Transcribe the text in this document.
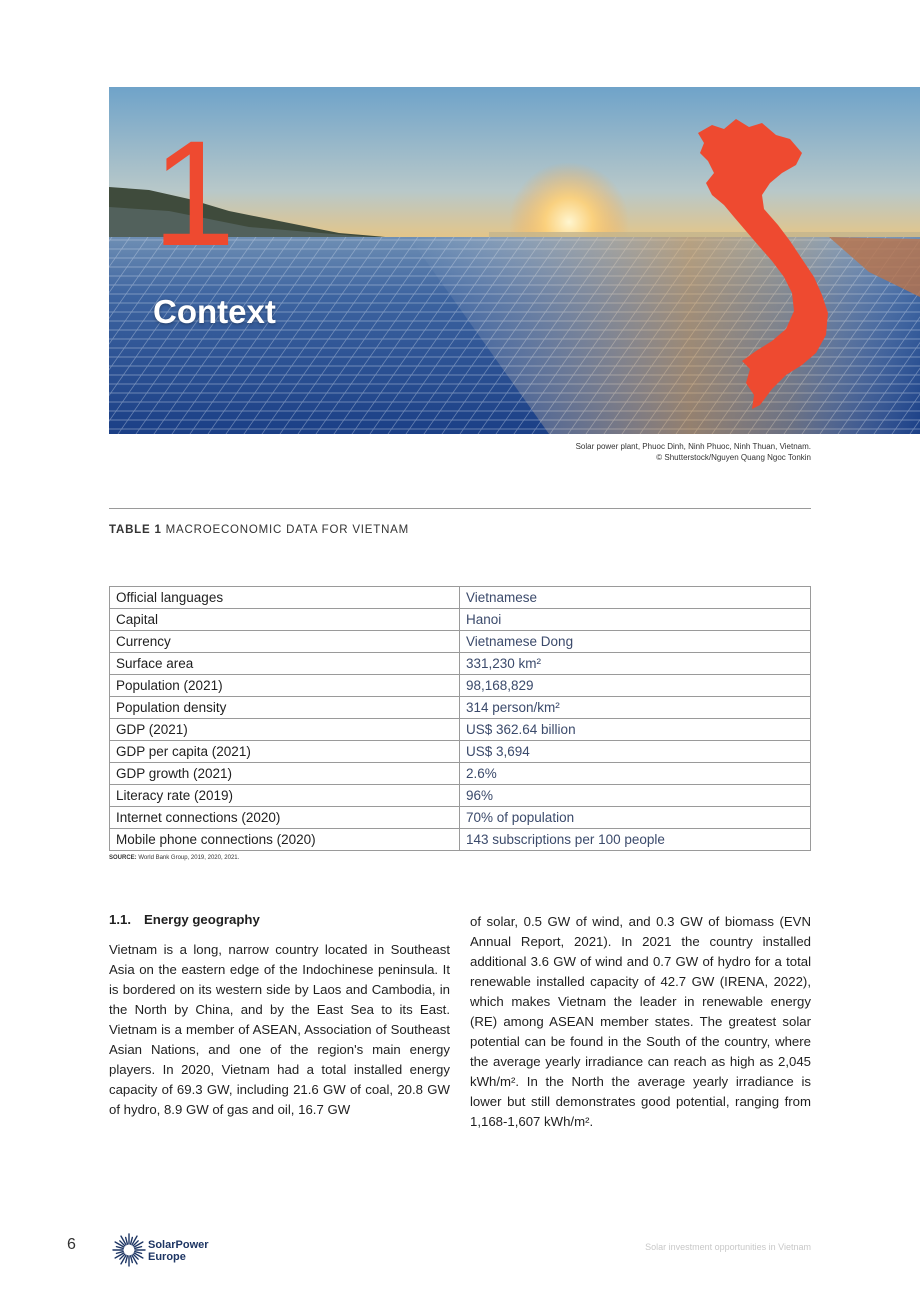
1
Context
Solar power plant, Phuoc Dinh, Ninh Phuoc, Ninh Thuan, Vietnam.
© Shutterstock/Nguyen Quang Ngoc Tonkin
TABLE 1 MACROECONOMIC DATA FOR VIETNAM
Official languages	Vietnamese
Capital	Hanoi
Currency	Vietnamese Dong
Surface area	331,230 km²
Population (2021)	98,168,829
Population density	314 person/km²
GDP (2021)	US$ 362.64 billion
GDP per capita (2021)	US$ 3,694
GDP growth (2021)	2.6%
Literacy rate (2019)	96%
Internet connections (2020)	70% of population
Mobile phone connections (2020)	143 subscriptions per 100 people
SOURCE: World Bank Group, 2019, 2020, 2021.

1.1. Energy geography

Vietnam is a long, narrow country located in Southeast Asia on the eastern edge of the Indochinese peninsula. It is bordered on its western side by Laos and Cambodia, in the North by China, and by the East Sea to its East. Vietnam is a member of ASEAN, Association of Southeast Asian Nations, and one of the region's main energy players. In 2020, Vietnam had a total installed energy capacity of 69.3 GW, including 21.6 GW of coal, 20.8 GW of hydro, 8.9 GW of gas and oil, 16.7 GW

of solar, 0.5 GW of wind, and 0.3 GW of biomass (EVN Annual Report, 2021). In 2021 the country installed additional 3.6 GW of wind and 0.7 GW of hydro for a total renewable installed capacity of 42.7 GW (IRENA, 2022), which makes Vietnam the leader in renewable energy (RE) among ASEAN member states. The greatest solar potential can be found in the South of the country, where the average yearly irradiance can reach as high as 2,045 kWh/m². In the North the average yearly irradiance is lower but still demonstrates good potential, ranging from 1,168-1,607 kWh/m².

6	SolarPower
Europe
Solar investment opportunities in Vietnam
